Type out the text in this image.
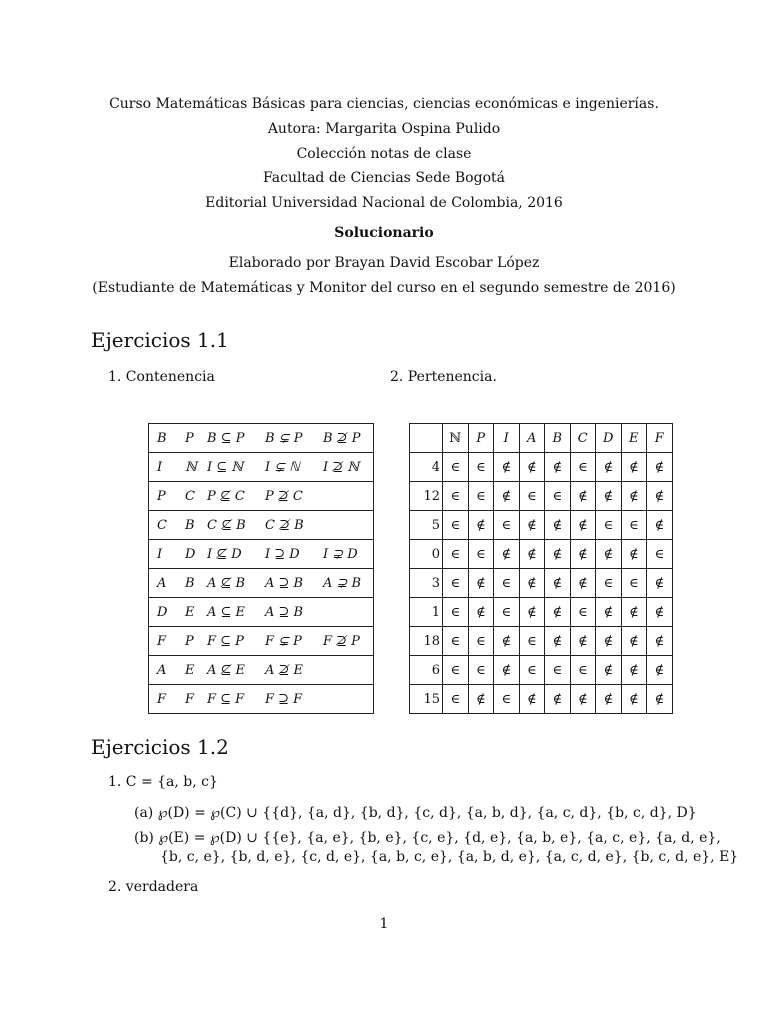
Curso Matemáticas Básicas para ciencias, ciencias económicas e ingenierías.
Autora: Margarita Ospina Pulido
Colección notas de clase
Facultad de Ciencias Sede Bogotá
Editorial Universidad Nacional de Colombia, 2016
Solucionario
Elaborado por Brayan David Escobar López
(Estudiante de Matemáticas y Monitor del curso en el segundo semestre de 2016)
Ejercicios 1.1
1. Contenencia	2. Pertenencia.
B	P	B ⊆ P	B ⊊ P	B ⊉ P
I	ℕ	I ⊆ ℕ	I ⊊ ℕ	I ⊉ ℕ
P	C	P ⊈ C	P ⊉ C	
C	B	C ⊈ B	C ⊉ B	
I	D	I ⊈ D	I ⊇ D	I ⊋ D
A	B	A ⊈ B	A ⊇ B	A ⊋ B
D	E	A ⊆ E	A ⊇ B	
F	P	F ⊆ P	F ⊊ P	F ⊉ P
A	E	A ⊈ E	A ⊉ E	
F	F	F ⊆ F	F ⊇ F	
	ℕ	P	I	A	B	C	D	E	F
4	∈	∈	∉	∉	∉	∈	∉	∉	∉
12	∈	∈	∉	∈	∈	∉	∉	∉	∉
5	∈	∉	∈	∉	∉	∉	∈	∈	∉
0	∈	∈	∉	∉	∉	∉	∉	∉	∈
3	∈	∉	∈	∉	∉	∉	∈	∈	∉
1	∈	∉	∈	∉	∉	∈	∉	∉	∉
18	∈	∈	∉	∈	∉	∉	∉	∉	∉
6	∈	∈	∉	∈	∈	∈	∉	∉	∉
15	∈	∉	∈	∉	∉	∉	∉	∉	∉
Ejercicios 1.2
1. C = {a, b, c}
(a) ℘(D) = ℘(C) ∪ {{d}, {a, d}, {b, d}, {c, d}, {a, b, d}, {a, c, d}, {b, c, d}, D}
(b) ℘(E) = ℘(D) ∪ {{e}, {a, e}, {b, e}, {c, e}, {d, e}, {a, b, e}, {a, c, e}, {a, d, e},
{b, c, e}, {b, d, e}, {c, d, e}, {a, b, c, e}, {a, b, d, e}, {a, c, d, e}, {b, c, d, e}, E}
2. verdadera
1
